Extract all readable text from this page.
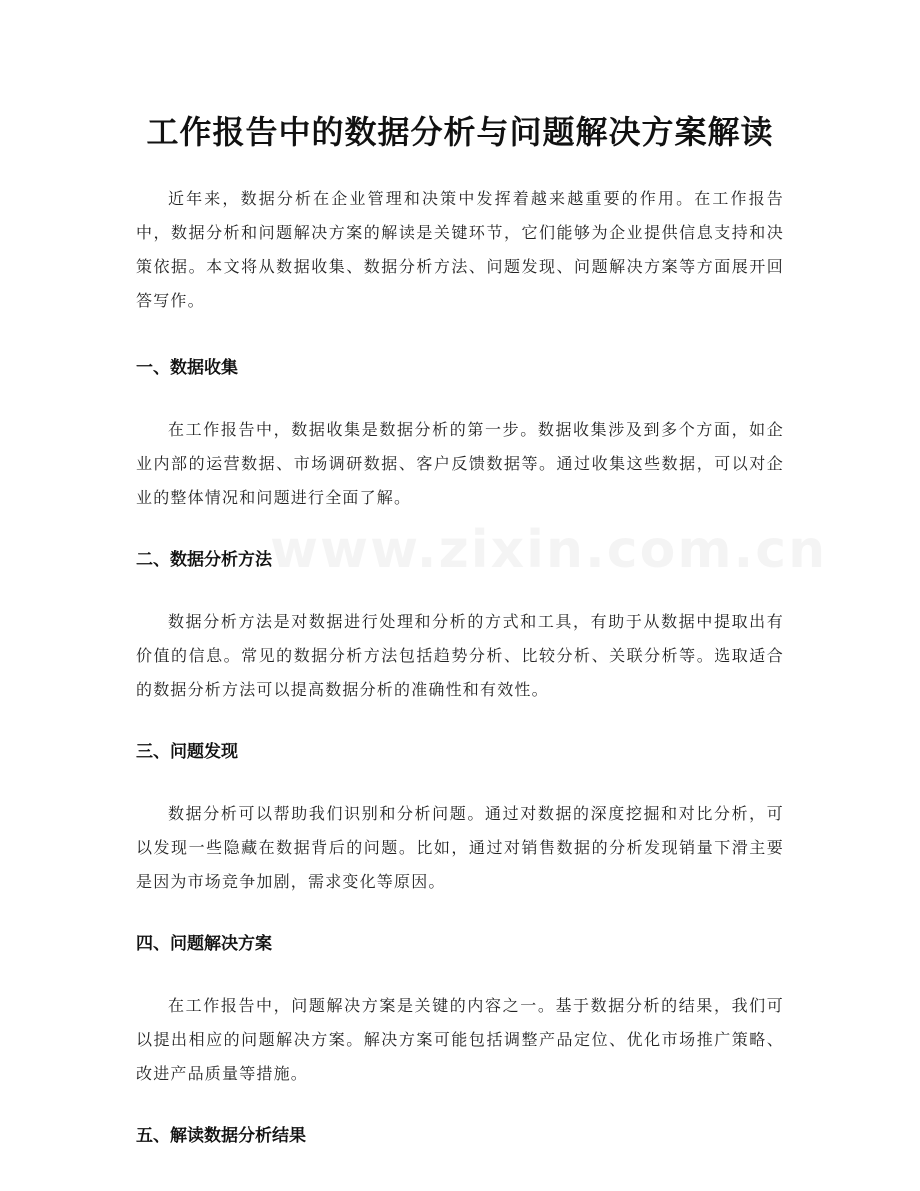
工作报告中的数据分析与问题解决方案解读

近年来，数据分析在企业管理和决策中发挥着越来越重要的作用。在工作报告中，数据分析和问题解决方案的解读是关键环节，它们能够为企业提供信息支持和决策依据。本文将从数据收集、数据分析方法、问题发现、问题解决方案等方面展开回答写作。

一、数据收集

在工作报告中，数据收集是数据分析的第一步。数据收集涉及到多个方面，如企业内部的运营数据、市场调研数据、客户反馈数据等。通过收集这些数据，可以对企业的整体情况和问题进行全面了解。

二、数据分析方法

数据分析方法是对数据进行处理和分析的方式和工具，有助于从数据中提取出有价值的信息。常见的数据分析方法包括趋势分析、比较分析、关联分析等。选取适合的数据分析方法可以提高数据分析的准确性和有效性。

三、问题发现

数据分析可以帮助我们识别和分析问题。通过对数据的深度挖掘和对比分析，可以发现一些隐藏在数据背后的问题。比如，通过对销售数据的分析发现销量下滑主要是因为市场竞争加剧，需求变化等原因。

四、问题解决方案

在工作报告中，问题解决方案是关键的内容之一。基于数据分析的结果，我们可以提出相应的问题解决方案。解决方案可能包括调整产品定位、优化市场推广策略、改进产品质量等措施。

五、解读数据分析结果
